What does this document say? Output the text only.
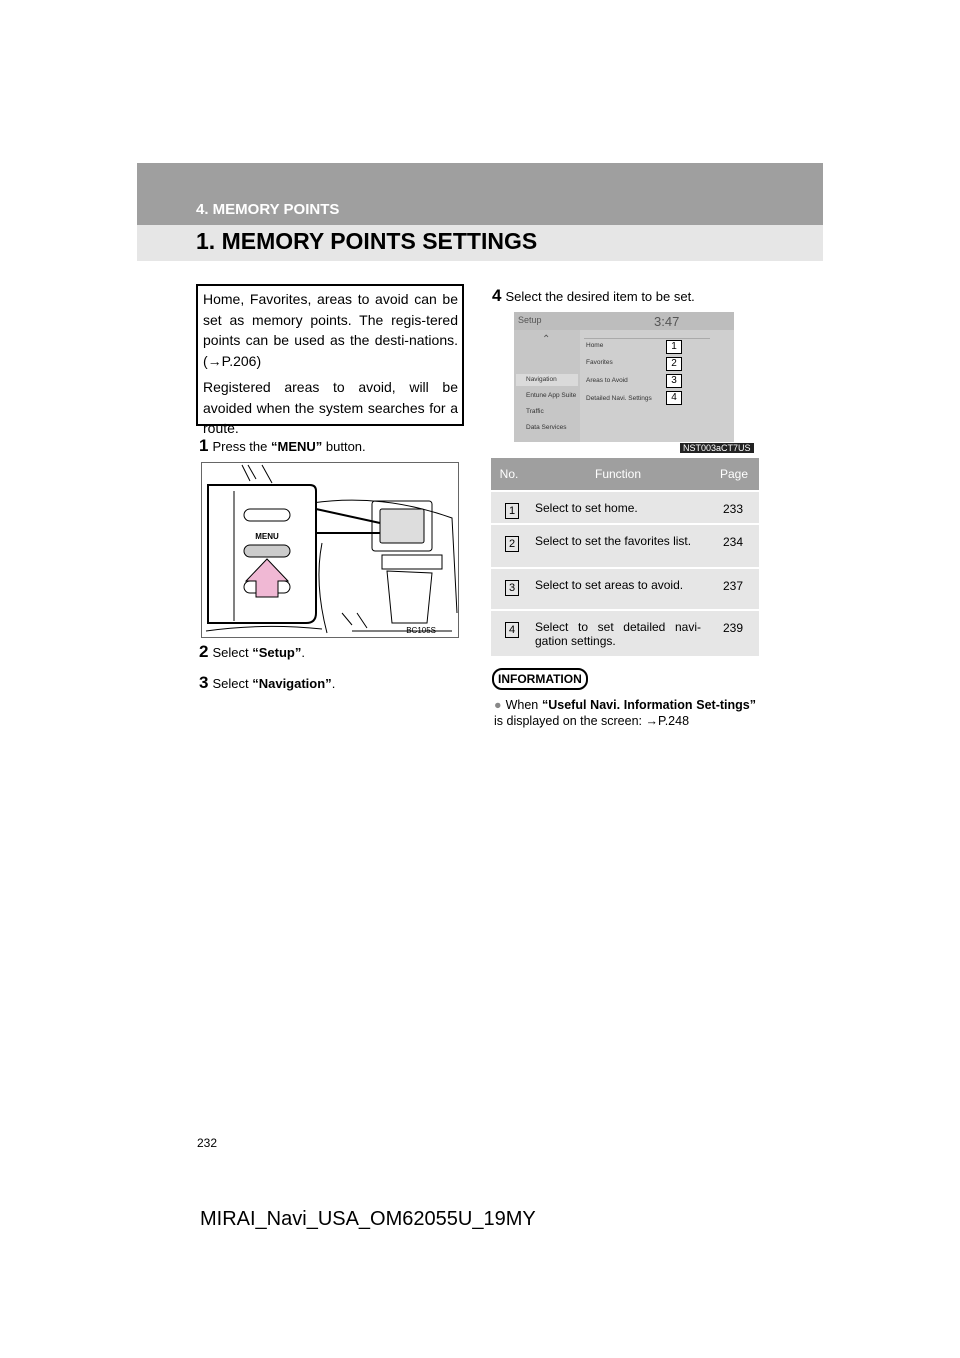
4. MEMORY POINTS
1. MEMORY POINTS SETTINGS

Home, Favorites, areas to avoid can be set as memory points. The regis-tered points can be used as the desti-nations. (→P.206)

Registered areas to avoid, will be avoided when the system searches for a route.

1 Press the “MENU” button.
2 Select “Setup”.
3 Select “Navigation”.
4 Select the desired item to be set.
MENU
BC105S
Setup	3:47
⌃
Navigation
Entune App Suite
Traffic
Data Services
Home
Favorites
Areas to Avoid
Detailed Navi. Settings
1
2
3
4
NST003aCT7US
No.	Function	Page
1	Select to set home.	233
2	Select to set the favorites list.	234
3	Select to set areas to avoid.	237
4	Select to set detailed navi-gation settings.	239
INFORMATION
● When “Useful Navi. Information Set-tings” is displayed on the screen: →P.248
232
MIRAI_Navi_USA_OM62055U_19MY
